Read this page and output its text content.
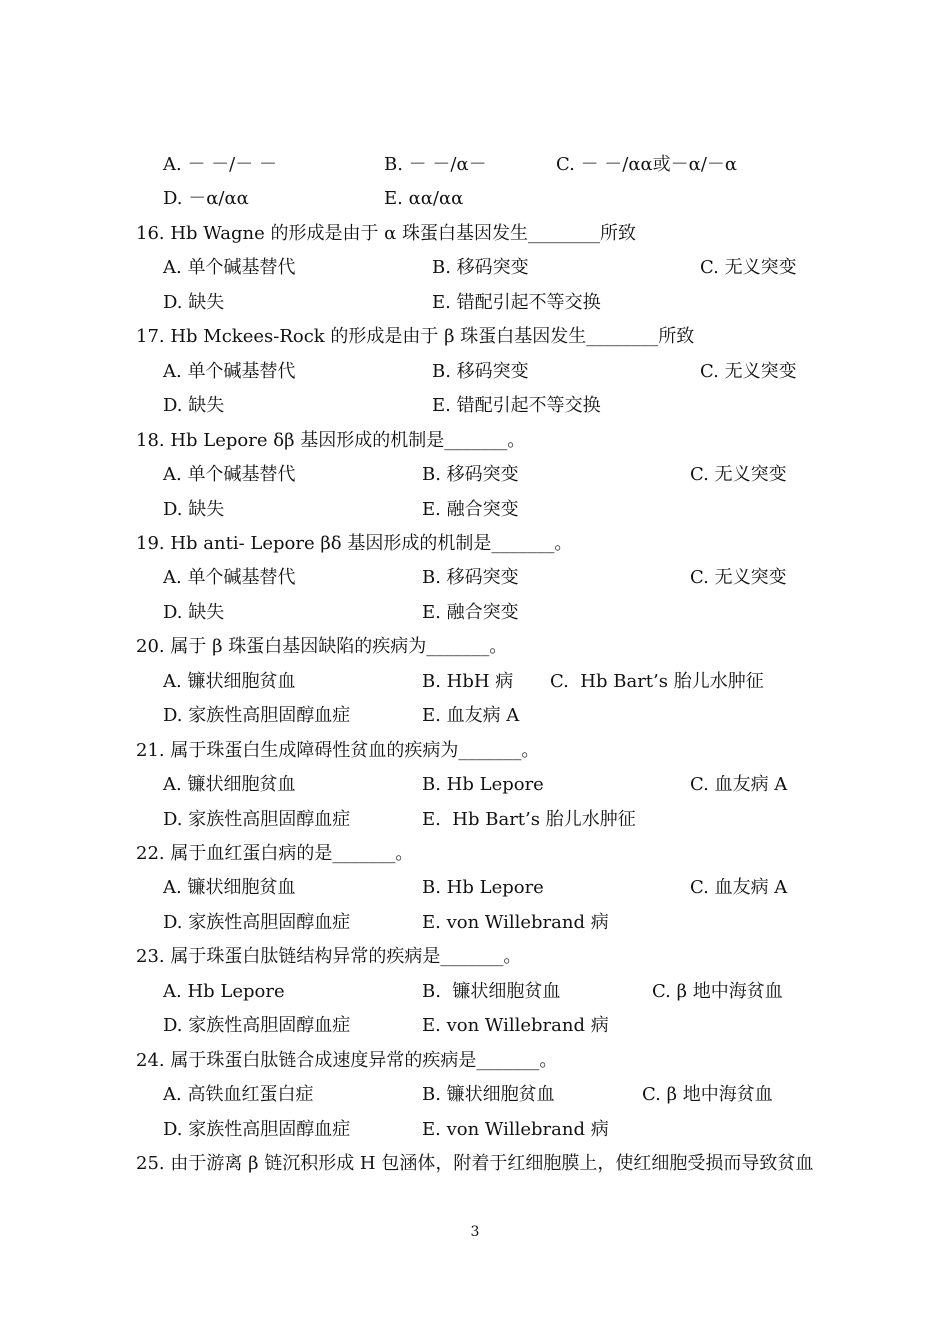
A. － －/－ －	B. － －/α－	C. － －/αα或－α/－α
D. －α/αα	E. αα/αα
16. Hb Wagne 的形成是由于 α 珠蛋白基因发生________所致
A. 单个碱基替代	B. 移码突变	C. 无义突变
D. 缺失	E. 错配引起不等交换
17. Hb Mckees-Rock 的形成是由于 β 珠蛋白基因发生________所致
A. 单个碱基替代	B. 移码突变	C. 无义突变
D. 缺失	E. 错配引起不等交换
18. Hb Lepore δβ 基因形成的机制是_______。
A. 单个碱基替代	B. 移码突变	C. 无义突变
D. 缺失	E. 融合突变
19. Hb anti- Lepore βδ 基因形成的机制是_______。
A. 单个碱基替代	B. 移码突变	C. 无义突变
D. 缺失	E. 融合突变
20. 属于 β 珠蛋白基因缺陷的疾病为_______。
A. 镰状细胞贫血	B. HbH 病 C.  Hb Bart’s 胎儿水肿征
D. 家族性高胆固醇血症	E. 血友病 A
21. 属于珠蛋白生成障碍性贫血的疾病为_______。
A. 镰状细胞贫血	B. Hb Lepore	C. 血友病 A
D. 家族性高胆固醇血症	E.  Hb Bart’s 胎儿水肿征
22. 属于血红蛋白病的是_______。
A. 镰状细胞贫血	B. Hb Lepore	C. 血友病 A
D. 家族性高胆固醇血症	E. von Willebrand 病
23. 属于珠蛋白肽链结构异常的疾病是_______。
A. Hb Lepore	B.  镰状细胞贫血	C. β 地中海贫血
D. 家族性高胆固醇血症	E. von Willebrand 病
24. 属于珠蛋白肽链合成速度异常的疾病是_______。
A. 高铁血红蛋白症	B. 镰状细胞贫血	C. β 地中海贫血
D. 家族性高胆固醇血症	E. von Willebrand 病
25. 由于游离 β 链沉积形成 H 包涵体，附着于红细胞膜上，使红细胞受损而导致贫血
3
